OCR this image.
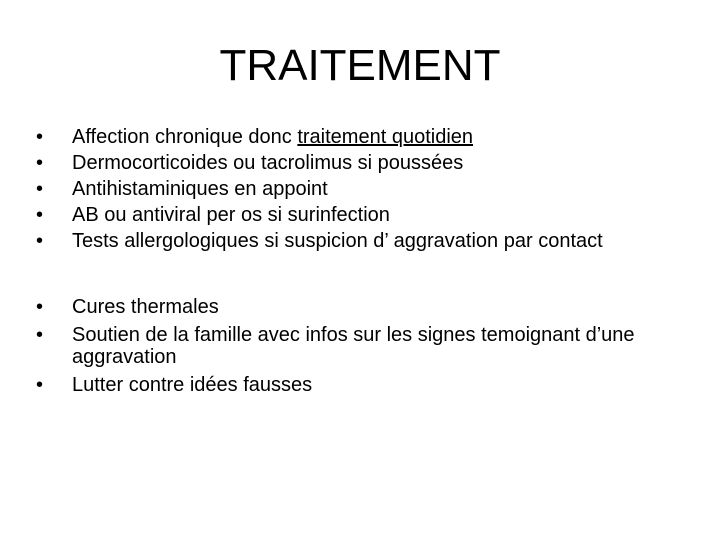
TRAITEMENT
•	Affection chronique donc traitement quotidien
•	Dermocorticoides ou tacrolimus si poussées
•	Antihistaminiques en appoint
•	AB ou antiviral per os si surinfection
•	Tests allergologiques si suspicion d’ aggravation par contact
•	Cures thermales
•	Soutien de la famille avec infos sur les signes temoignant d’une aggravation
•	Lutter contre idées fausses
